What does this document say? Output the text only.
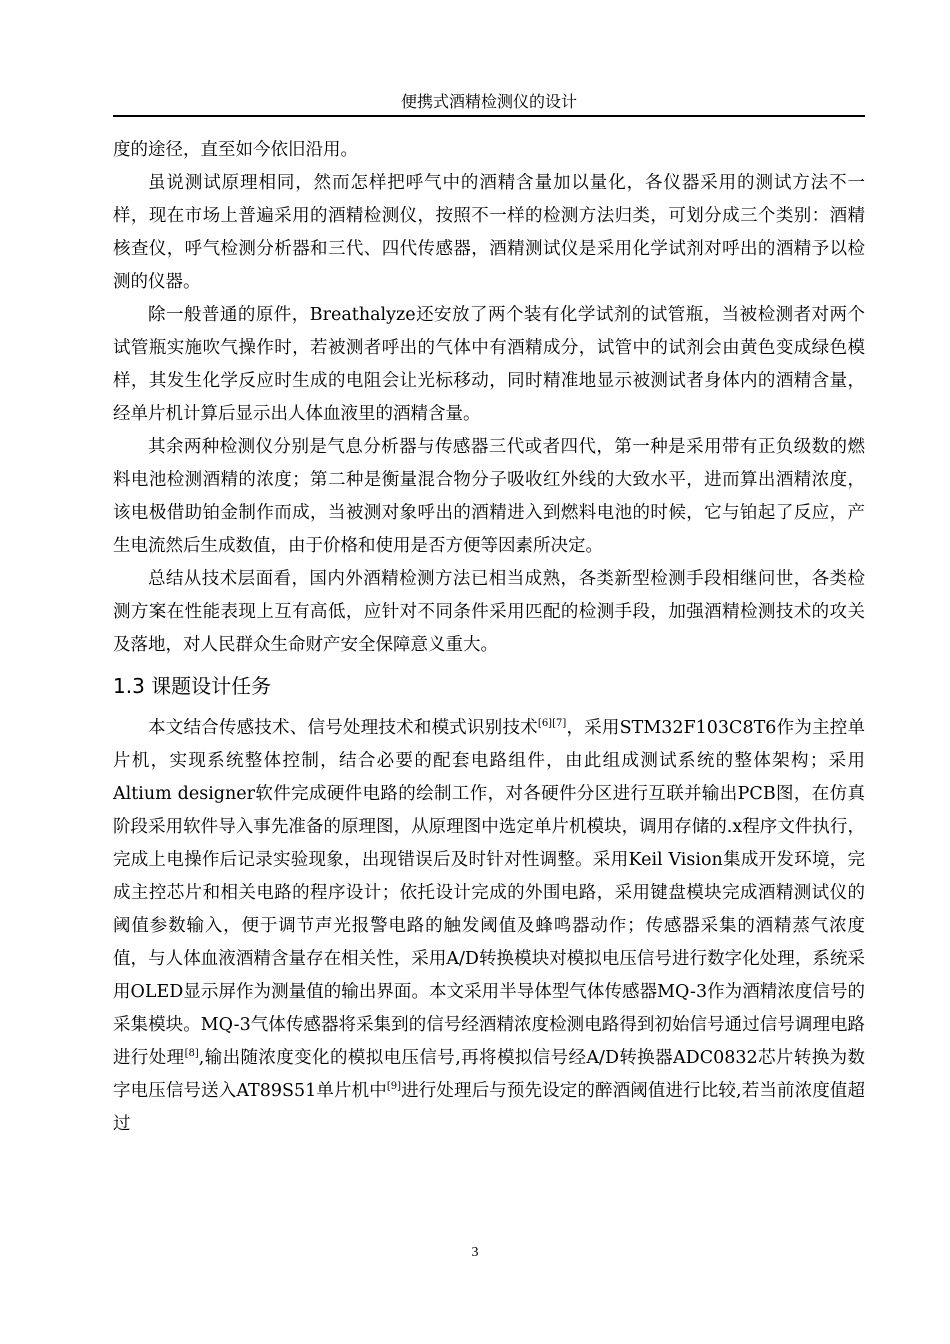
便携式酒精检测仪的设计

度的途径，直至如今依旧沿用。

虽说测试原理相同，然而怎样把呼气中的酒精含量加以量化，各仪器采用的测试方法不一样，现在市场上普遍采用的酒精检测仪，按照不一样的检测方法归类，可划分成三个类别：酒精核查仪，呼气检测分析器和三代、四代传感器，酒精测试仪是采用化学试剂对呼出的酒精予以检测的仪器。

除一般普通的原件，Breathalyze还安放了两个装有化学试剂的试管瓶，当被检测者对两个试管瓶实施吹气操作时，若被测者呼出的气体中有酒精成分，试管中的试剂会由黄色变成绿色模样，其发生化学反应时生成的电阻会让光标移动，同时精准地显示被测试者身体内的酒精含量，经单片机计算后显示出人体血液里的酒精含量。

其余两种检测仪分别是气息分析器与传感器三代或者四代，第一种是采用带有正负级数的燃料电池检测酒精的浓度；第二种是衡量混合物分子吸收红外线的大致水平，进而算出酒精浓度，该电极借助铂金制作而成，当被测对象呼出的酒精进入到燃料电池的时候，它与铂起了反应，产生电流然后生成数值，由于价格和使用是否方便等因素所决定。

总结从技术层面看，国内外酒精检测方法已相当成熟，各类新型检测手段相继问世，各类检测方案在性能表现上互有高低，应针对不同条件采用匹配的检测手段，加强酒精检测技术的攻关及落地，对人民群众生命财产安全保障意义重大。

1.3 课题设计任务

本文结合传感技术、信号处理技术和模式识别技术[6][7]，采用STM32F103C8T6作为主控单片机，实现系统整体控制，结合必要的配套电路组件，由此组成测试系统的整体架构；采用Altium designer软件完成硬件电路的绘制工作，对各硬件分区进行互联并输出PCB图，在仿真阶段采用软件导入事先准备的原理图，从原理图中选定单片机模块，调用存储的.x程序文件执行，完成上电操作后记录实验现象，出现错误后及时针对性调整。采用Keil Vision集成开发环境，完成主控芯片和相关电路的程序设计；依托设计完成的外围电路，采用键盘模块完成酒精测试仪的阈值参数输入，便于调节声光报警电路的触发阈值及蜂鸣器动作；传感器采集的酒精蒸气浓度值，与人体血液酒精含量存在相关性，采用A/D转换模块对模拟电压信号进行数字化处理，系统采用OLED显示屏作为测量值的输出界面。本文采用半导体型气体传感器MQ-3作为酒精浓度信号的采集模块。MQ-3气体传感器将采集到的信号经酒精浓度检测电路得到初始信号通过信号调理电路进行处理[8],输出随浓度变化的模拟电压信号,再将模拟信号经A/D转换器ADC0832芯片转换为数字电压信号送入AT89S51单片机中[9]进行处理后与预先设定的醉酒阈值进行比较,若当前浓度值超过

3
